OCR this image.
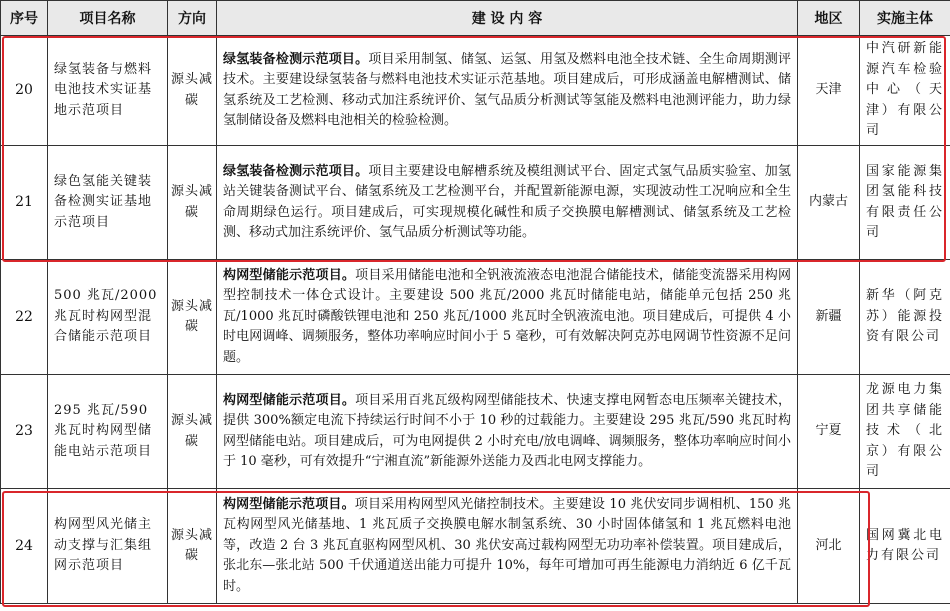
序号	项目名称	方向	建 设 内 容	地区	实施主体
20	绿氢装备与燃料电池技术实证基地示范项目	源头减碳	绿氢装备检测示范项目。项目采用制氢、储氢、运氢、用氢及燃料电池全技术链、全生命周期测评技术。主要建设绿氢装备与燃料电池技术实证示范基地。项目建成后，可形成涵盖电解槽测试、储氢系统及工艺检测、移动式加注系统评价、氢气品质分析测试等氢能及燃料电池测评能力，助力绿氢制储设备及燃料电池相关的检验检测。	天津	中汽研新能源汽车检验中心（天津）有限公司
21	绿色氢能关键装备检测实证基地示范项目	源头减碳	绿氢装备检测示范项目。项目主要建设电解槽系统及模组测试平台、固定式氢气品质实验室、加氢站关键装备测试平台、储氢系统及工艺检测平台，并配置新能源电源，实现波动性工况响应和全生命周期绿色运行。项目建成后，可实现规模化碱性和质子交换膜电解槽测试、储氢系统及工艺检测、移动式加注系统评价、氢气品质分析测试等功能。	内蒙古	国家能源集团氢能科技有限责任公司
22	500 兆瓦/2000 兆瓦时构网型混合储能示范项目	源头减碳	构网型储能示范项目。项目采用储能电池和全钒液流液态电池混合储能技术，储能变流器采用构网型控制技术一体仓式设计。主要建设 500 兆瓦/2000 兆瓦时储能电站，储能单元包括 250 兆瓦/1000 兆瓦时磷酸铁锂电池和 250 兆瓦/1000 兆瓦时全钒液流电池。项目建成后，可提供 4 小时电网调峰、调频服务，整体功率响应时间小于 5 毫秒，可有效解决阿克苏电网调节性资源不足问题。	新疆	新华（阿克苏）能源投资有限公司
23	295 兆瓦/590 兆瓦时构网型储能电站示范项目	源头减碳	构网型储能示范项目。项目采用百兆瓦级构网型储能技术、快速支撑电网暂态电压频率关键技术，提供 300%额定电流下持续运行时间不小于 10 秒的过载能力。主要建设 295 兆瓦/590 兆瓦时构网型储能电站。项目建成后，可为电网提供 2 小时充电/放电调峰、调频服务，整体功率响应时间小于 10 毫秒，可有效提升“宁湘直流”新能源外送能力及西北电网支撑能力。	宁夏	龙源电力集团共享储能技术（北京）有限公司
24	构网型风光储主动支撑与汇集组网示范项目	源头减碳	构网型储能示范项目。项目采用构网型风光储控制技术。主要建设 10 兆伏安同步调相机、150 兆瓦构网型风光储基地、1 兆瓦质子交换膜电解水制氢系统、30 小时固体储氢和 1 兆瓦燃料电池等，改造 2 台 3 兆瓦直驱构网型风机、30 兆伏安高过载构网型无功功率补偿装置。项目建成后，张北东—张北站 500 千伏通道送出能力可提升 10%，每年可增加可再生能源电力消纳近 6 亿千瓦时。	河北	国网冀北电力有限公司
